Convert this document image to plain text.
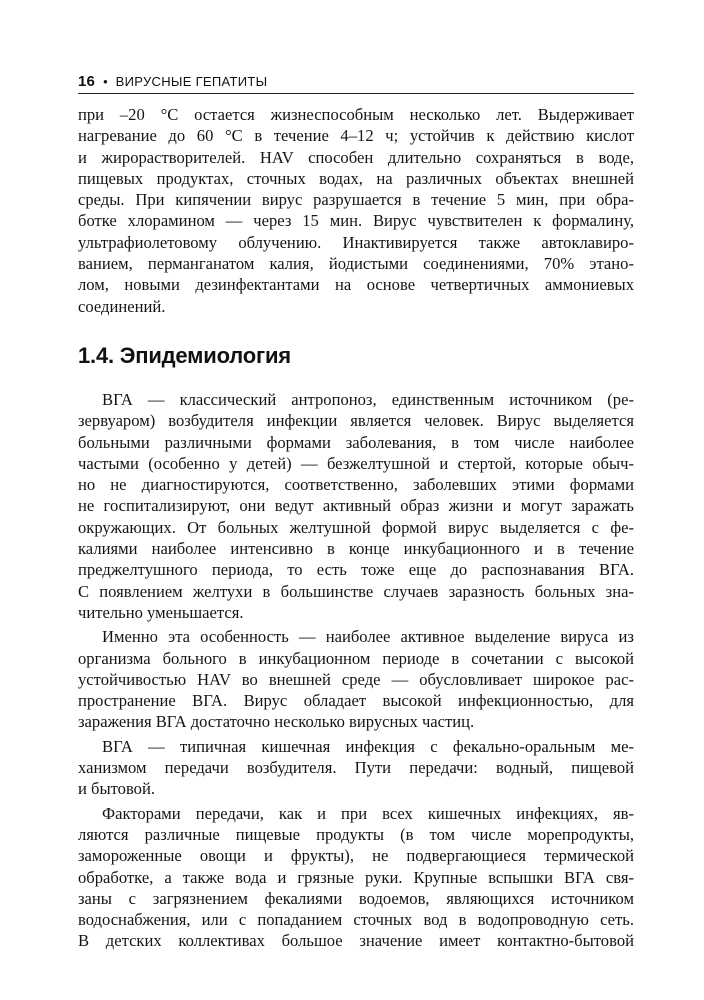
16 • ВИРУСНЫЕ ГЕПАТИТЫ
при –20 °С остается жизнеспособным несколько лет. Выдерживает
нагревание до 60 °С в течение 4–12 ч; устойчив к действию кислот
и жирорастворителей. HAV способен длительно сохраняться в воде,
пищевых продуктах, сточных водах, на различных объектах внешней
среды. При кипячении вирус разрушается в течение 5 мин, при обра-
ботке хлорамином — через 15 мин. Вирус чувствителен к формалину,
ультрафиолетовому облучению. Инактивируется также автоклавиро-
ванием, перманганатом калия, йодистыми соединениями, 70% этано-
лом, новыми дезинфектантами на основе четвертичных аммониевых
соединений.
1.4. Эпидемиология
ВГА — классический антропоноз, единственным источником (ре-
зервуаром) возбудителя инфекции является человек. Вирус выделяется
больными различными формами заболевания, в том числе наиболее
частыми (особенно у детей) — безжелтушной и стертой, которые обыч-
но не диагностируются, соответственно, заболевших этими формами
не госпитализируют, они ведут активный образ жизни и могут заражать
окружающих. От больных желтушной формой вирус выделяется с фе-
калиями наиболее интенсивно в конце инкубационного и в течение
преджелтушного периода, то есть тоже еще до распознавания ВГА.
С появлением желтухи в большинстве случаев заразность больных зна-
чительно уменьшается.
Именно эта особенность — наиболее активное выделение вируса из
организма больного в инкубационном периоде в сочетании с высокой
устойчивостью HAV во внешней среде — обусловливает широкое рас-
пространение ВГА. Вирус обладает высокой инфекционностью, для
заражения ВГА достаточно несколько вирусных частиц.
ВГА — типичная кишечная инфекция с фекально-оральным ме-
ханизмом передачи возбудителя. Пути передачи: водный, пищевой
и бытовой.
Факторами передачи, как и при всех кишечных инфекциях, яв-
ляются различные пищевые продукты (в том числе морепродукты,
замороженные овощи и фрукты), не подвергающиеся термической
обработке, а также вода и грязные руки. Крупные вспышки ВГА свя-
заны с загрязнением фекалиями водоемов, являющихся источником
водоснабжения, или с попаданием сточных вод в водопроводную сеть.
В детских коллективах большое значение имеет контактно-бытовой
